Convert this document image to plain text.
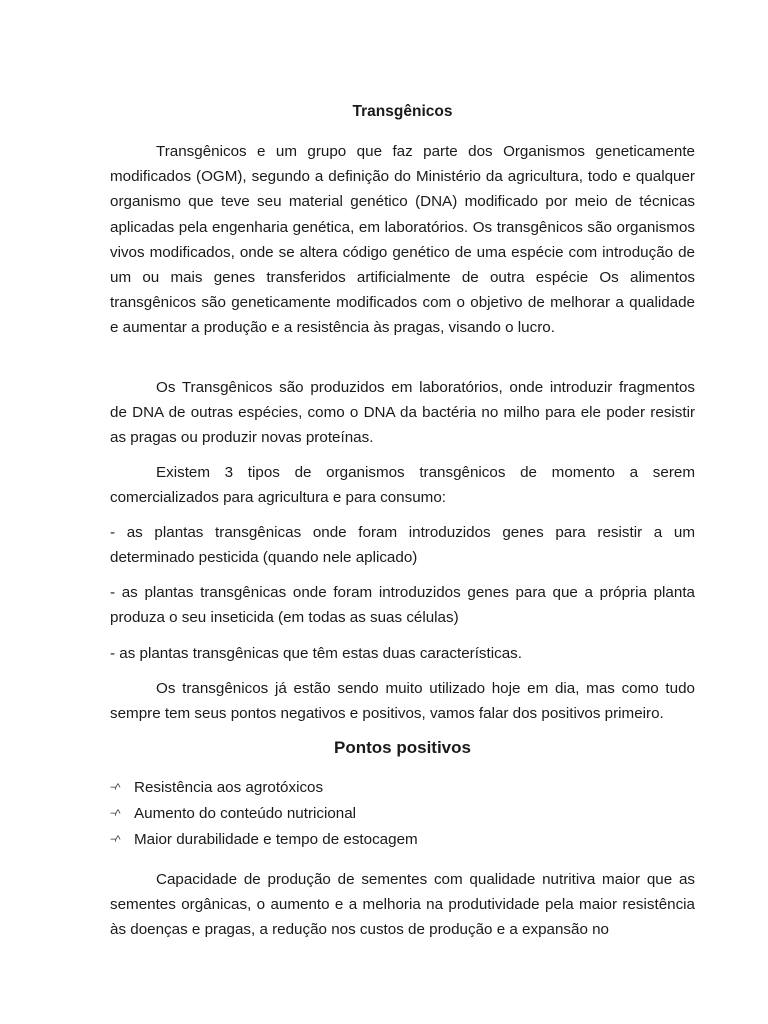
Transgênicos

Transgênicos e um grupo que faz parte dos Organismos geneticamente modificados (OGM), segundo a definição do Ministério da agricultura, todo e qualquer organismo que teve seu material genético (DNA) modificado por meio de técnicas aplicadas pela engenharia genética, em laboratórios. Os transgênicos são organismos vivos modificados, onde se altera código genético de uma espécie com introdução de um ou mais genes transferidos artificialmente de outra espécie Os alimentos transgênicos são geneticamente modificados com o objetivo de melhorar a qualidade e aumentar a produção e a resistência às pragas, visando o lucro.

Os Transgênicos são produzidos em laboratórios, onde introduzir fragmentos de DNA de outras espécies, como o DNA da bactéria no milho para ele poder resistir as pragas ou produzir novas proteínas.

Existem 3 tipos de organismos transgênicos de momento a serem comercializados para agricultura e para consumo:

- as plantas transgênicas onde foram introduzidos genes para resistir a um determinado pesticida (quando nele aplicado)

- as plantas transgênicas onde foram introduzidos genes para que a própria planta produza o seu inseticida (em todas as suas células)

- as plantas transgênicas que têm estas duas características.

Os transgênicos já estão sendo muito utilizado hoje em dia, mas como tudo sempre tem seus pontos negativos e positivos, vamos falar dos positivos primeiro.

Pontos positivos
¬^ Resistência aos agrotóxicos
¬^ Aumento do conteúdo nutricional
¬^ Maior durabilidade e tempo de estocagem

Capacidade de produção de sementes com qualidade nutritiva maior que as sementes orgânicas, o aumento e a melhoria na produtividade pela maior resistência às doenças e pragas, a redução nos custos de produção e a expansão no
